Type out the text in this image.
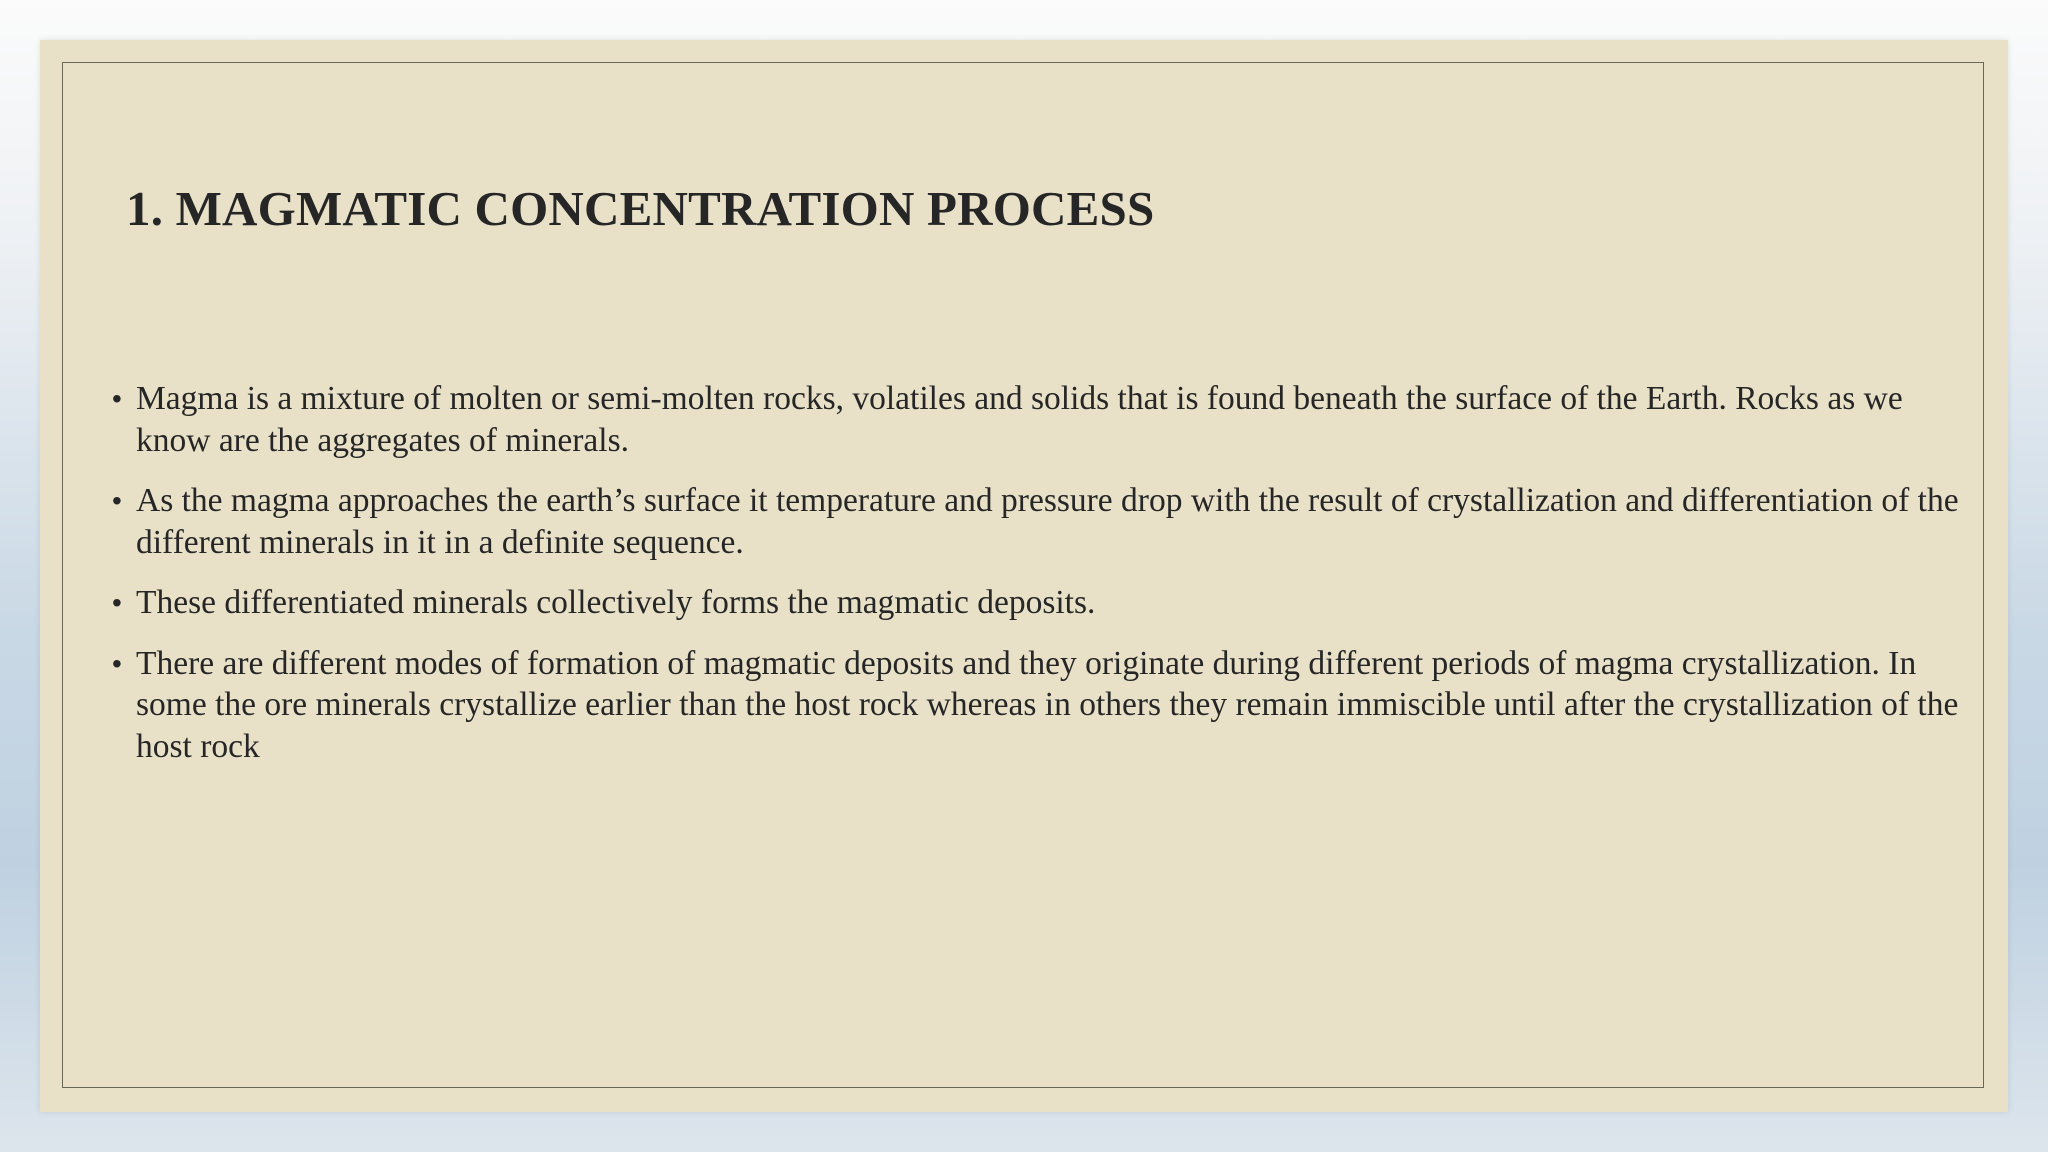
1. MAGMATIC CONCENTRATION PROCESS
• Magma is a mixture of molten or semi-molten rocks, volatiles and solids that is found beneath the surface of the Earth. Rocks as we know are the aggregates of minerals.
• As the magma approaches the earth’s surface it temperature and pressure drop with the result of crystallization and differentiation of the different minerals in it in a definite sequence.
• These differentiated minerals collectively forms the magmatic deposits.
• There are different modes of formation of magmatic deposits and they originate during different periods of magma crystallization. In some the ore minerals crystallize earlier than the host rock whereas in others they remain immiscible until after the crystallization of the host rock
